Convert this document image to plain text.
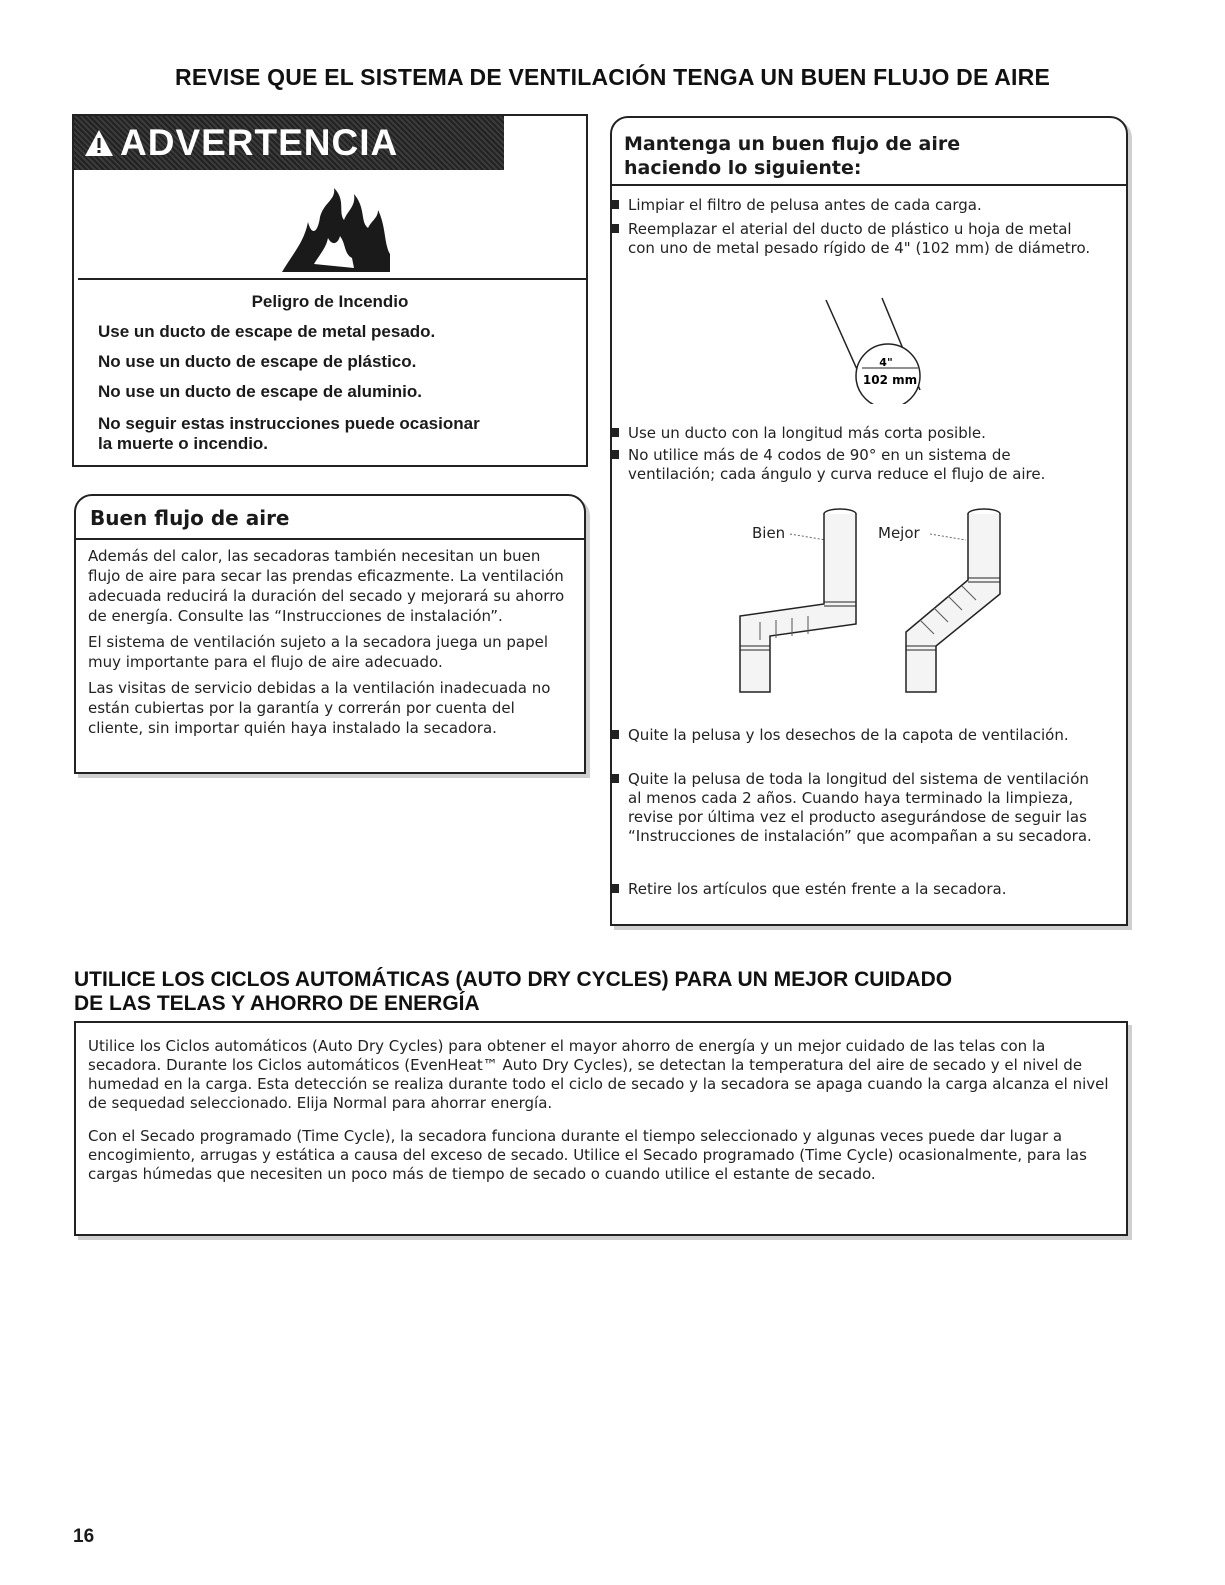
REVISE QUE EL SISTEMA DE VENTILACIÓN TENGA UN BUEN FLUJO DE AIRE
ADVERTENCIA
Peligro de Incendio
Use un ducto de escape de metal pesado.
No use un ducto de escape de plástico.
No use un ducto de escape de aluminio.
No seguir estas instrucciones puede ocasionar
la muerte o incendio.
Buen flujo de aire

Además del calor, las secadoras también necesitan un buen flujo de aire para secar las prendas eficazmente. La ventilación adecuada reducirá la duración del secado y mejorará su ahorro de energía. Consulte las “Instrucciones de instalación”.

El sistema de ventilación sujeto a la secadora juega un papel muy importante para el flujo de aire adecuado.

Las visitas de servicio debidas a la ventilación inadecuada no están cubiertas por la garantía y correrán por cuenta del cliente, sin importar quién haya instalado la secadora.

Mantenga un buen flujo de aire
haciendo lo siguiente:
Limpiar el filtro de pelusa antes de cada carga.
Reemplazar el aterial del ducto de plástico u hoja de metal con uno de metal pesado rígido de 4" (102 mm) de diámetro.
4"
102 mm
Use un ducto con la longitud más corta posible.
No utilice más de 4 codos de 90° en un sistema de ventilación; cada ángulo y curva reduce el flujo de aire.
Bien	Mejor
Quite la pelusa y los desechos de la capota de ventilación.
Quite la pelusa de toda la longitud del sistema de ventilación al menos cada 2 años. Cuando haya terminado la limpieza, revise por última vez el producto asegurándose de seguir las “Instrucciones de instalación” que acompañan a su secadora.
Retire los artículos que estén frente a la secadora.
UTILICE LOS CICLOS AUTOMÁTICAS (AUTO DRY CYCLES) PARA UN MEJOR CUIDADO
DE LAS TELAS Y AHORRO DE ENERGÍA

Utilice los Ciclos automáticos (Auto Dry Cycles) para obtener el mayor ahorro de energía y un mejor cuidado de las telas con la secadora. Durante los Ciclos automáticos (EvenHeat™ Auto Dry Cycles), se detectan la temperatura del aire de secado y el nivel de humedad en la carga. Esta detección se realiza durante todo el ciclo de secado y la secadora se apaga cuando la carga alcanza el nivel de sequedad seleccionado. Elija Normal para ahorrar energía.

Con el Secado programado (Time Cycle), la secadora funciona durante el tiempo seleccionado y algunas veces puede dar lugar a encogimiento, arrugas y estática a causa del exceso de secado. Utilice el Secado programado (Time Cycle) ocasionalmente, para las cargas húmedas que necesiten un poco más de tiempo de secado o cuando utilice el estante de secado.

16
